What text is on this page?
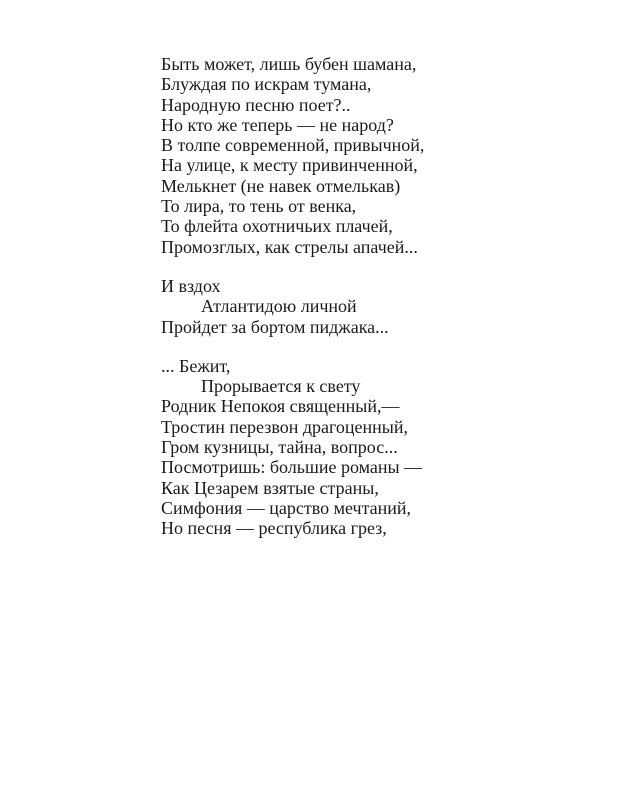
Быть может, лишь бубен шамана,
Блуждая по искрам тумана,
Народную песню поет?..
Но кто же теперь — не народ?
В толпе современной, привычной,
На улице, к месту привинченной,
Мелькнет (не навек отмелькав)
То лира, то тень от венка,
То флейта охотничьих плачей,
Промозглых, как стрелы апачей...
И вздох
Атлантидою личной
Пройдет за бортом пиджака...
... Бежит,
Прорывается к свету
Родник Непокоя священный,—
Тростин перезвон драгоценный,
Гром кузницы, тайна, вопрос...
Посмотришь: большие романы —
Как Цезарем взятые страны,
Симфония — царство мечтаний,
Но песня — республика грез,
